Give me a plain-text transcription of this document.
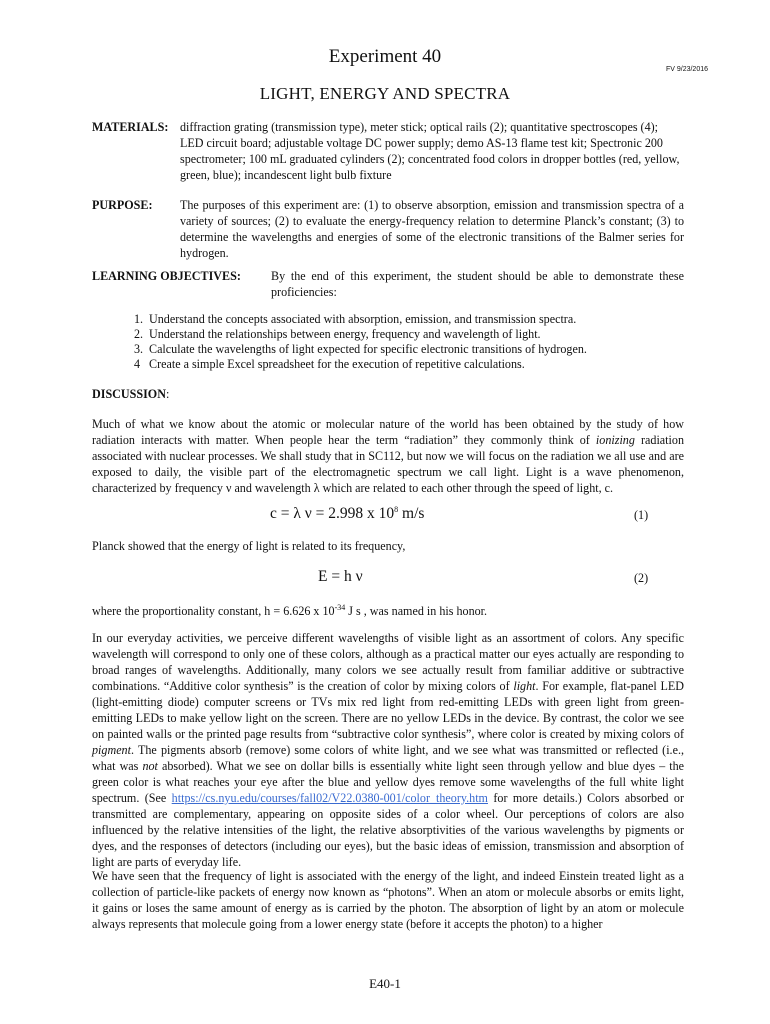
Experiment 40
FV 9/23/2016
LIGHT, ENERGY AND SPECTRA
MATERIALS: diffraction grating (transmission type), meter stick; optical rails (2); quantitative spectroscopes (4); LED circuit board; adjustable voltage DC power supply; demo AS-13 flame test kit; Spectronic 200 spectrometer; 100 mL graduated cylinders (2); concentrated food colors in dropper bottles (red, yellow, green, blue); incandescent light bulb fixture
PURPOSE: The purposes of this experiment are: (1) to observe absorption, emission and transmission spectra of a variety of sources; (2) to evaluate the energy-frequency relation to determine Planck’s constant; (3) to determine the wavelengths and energies of some of the electronic transitions of the Balmer series for hydrogen.
LEARNING OBJECTIVES: By the end of this experiment, the student should be able to demonstrate these proficiencies:
1. Understand the concepts associated with absorption, emission, and transmission spectra.
2. Understand the relationships between energy, frequency and wavelength of light.
3. Calculate the wavelengths of light expected for specific electronic transitions of hydrogen.
4 Create a simple Excel spreadsheet for the execution of repetitive calculations.
DISCUSSION:
Much of what we know about the atomic or molecular nature of the world has been obtained by the study of how radiation interacts with matter. When people hear the term “radiation” they commonly think of ionizing radiation associated with nuclear processes. We shall study that in SC112, but now we will focus on the radiation we all use and are exposed to daily, the visible part of the electromagnetic spectrum we call light. Light is a wave phenomenon, characterized by frequency ν and wavelength λ which are related to each other through the speed of light, c.
c = λ ν = 2.998 x $10^8$ m/s	(1)
Planck showed that the energy of light is related to its frequency,
E = h ν	(2)
where the proportionality constant, h = 6.626 x $10^{-34}$ J s , was named in his honor.
In our everyday activities, we perceive different wavelengths of visible light as an assortment of colors. Any specific wavelength will correspond to only one of these colors, although as a practical matter our eyes actually are responding to broad ranges of wavelengths. Additionally, many colors we see actually result from familiar additive or subtractive combinations. “Additive color synthesis” is the creation of color by mixing colors of light. For example, flat-panel LED (light-emitting diode) computer screens or TVs mix red light from red-emitting LEDs with green light from green-emitting LEDs to make yellow light on the screen. There are no yellow LEDs in the device. By contrast, the color we see on painted walls or the printed page results from “subtractive color synthesis”, where color is created by mixing colors of pigment. The pigments absorb (remove) some colors of white light, and we see what was transmitted or reflected (i.e., what was not absorbed). What we see on dollar bills is essentially white light seen through yellow and blue dyes – the green color is what reaches your eye after the blue and yellow dyes remove some wavelengths of the full white light spectrum. (See https://cs.nyu.edu/courses/fall02/V22.0380-001/color_theory.htm for more details.) Colors absorbed or transmitted are complementary, appearing on opposite sides of a color wheel. Our perceptions of colors are also influenced by the relative intensities of the light, the relative absorptivities of the various wavelengths by pigments or dyes, and the responses of detectors (including our eyes), but the basic ideas of emission, transmission and absorption of light are parts of everyday life.
We have seen that the frequency of light is associated with the energy of the light, and indeed Einstein treated light as a collection of particle-like packets of energy now known as “photons”. When an atom or molecule absorbs or emits light, it gains or loses the same amount of energy as is carried by the photon. The absorption of light by an atom or molecule always represents that molecule going from a lower energy state (before it accepts the photon) to a higher
E40-1
